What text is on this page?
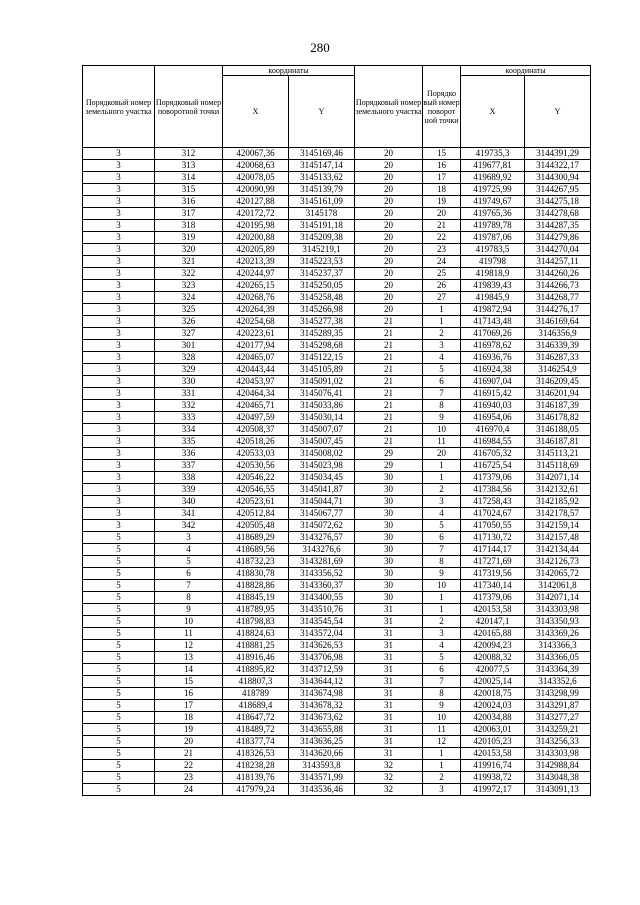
280
Порядковый номер земельного участка	Порядковый номер поворотной точки	координаты		Порядковый номер земельного участка	Порядко вый номер поворот ной точки	координаты	
		X	Y			X	Y
3	312	420067,36	3145169,46	20	15	419735,3	3144391,29
3	313	420068,63	3145147,14	20	16	419677,81	3144322,17
3	314	420078,05	3145133,62	20	17	419689,92	3144300,94
3	315	420090,99	3145139,79	20	18	419725,99	3144267,95
3	316	420127,88	3145161,09	20	19	419749,67	3144275,18
3	317	420172,72	3145178	20	20	419765,36	3144278,68
3	318	420195,98	3145191,18	20	21	419789,78	3144287,35
3	319	420200,88	3145209,38	20	22	419787,06	3144279,86
3	320	420205,89	3145219,1	20	23	419783,5	3144270,04
3	321	420213,39	3145223,53	20	24	419798	3144257,11
3	322	420244,97	3145237,37	20	25	419818,9	3144260,26
3	323	420265,15	3145250,05	20	26	419839,43	3144266,73
3	324	420268,76	3145258,48	20	27	419845,9	3144268,77
3	325	420264,39	3145266,98	20	1	419872,94	3144276,17
3	326	420254,68	3145277,38	21	1	417143,48	3146169,64
3	327	420223,61	3145289,35	21	2	417069,26	3146356,9
3	301	420177,94	3145298,68	21	3	416978,62	3146339,39
3	328	420465,07	3145122,15	21	4	416936,76	3146287,33
3	329	420443,44	3145105,89	21	5	416924,38	3146254,9
3	330	420453,97	3145091,02	21	6	416907,04	3146209,45
3	331	420464,34	3145076,41	21	7	416915,42	3146201,94
3	332	420465,71	3145033,86	21	8	416940,03	3146187,39
3	333	420497,59	3145030,14	21	9	416954,06	3146178,82
3	334	420508,37	3145007,07	21	10	416970,4	3146188,05
3	335	420518,26	3145007,45	21	11	416984,55	3146187,81
3	336	420533,03	3145008,02	29	20	416705,32	3145113,21
3	337	420530,56	3145023,98	29	1	416725,54	3145118,69
3	338	420546,22	3145034,45	30	1	417379,06	3142071,14
3	339	420546,55	3145041,87	30	2	417384,56	3142132,61
3	340	420523,61	3145044,71	30	3	417258,43	3142185,92
3	341	420512,84	3145067,77	30	4	417024,67	3142178,57
3	342	420505,48	3145072,62	30	5	417050,55	3142159,14
5	3	418689,29	3143276,57	30	6	417130,72	3142157,48
5	4	418689,56	3143276,6	30	7	417144,17	3142134,44
5	5	418732,23	3143281,69	30	8	417271,69	3142126,73
5	6	418830,78	3143356,52	30	9	417319,56	3142065,72
5	7	418828,86	3143360,37	30	10	417340,14	3142061,8
5	8	418845,19	3143400,55	30	1	417379,06	3142071,14
5	9	418789,95	3143510,76	31	1	420153,58	3143303,98
5	10	418798,83	3143545,54	31	2	420147,1	3143350,93
5	11	418824,63	3143572,04	31	3	420165,88	3143369,26
5	12	418881,25	3143626,53	31	4	420094,23	3143366,3
5	13	418916,46	3143706,98	31	5	420088,32	3143366,05
5	14	418895,82	3143712,59	31	6	420077,5	3143364,39
5	15	418807,3	3143644,12	31	7	420025,14	3143352,6
5	16	418789	3143674,98	31	8	420018,75	3143298,99
5	17	418689,4	3143678,32	31	9	420024,03	3143291,87
5	18	418647,72	3143673,62	31	10	420034,88	3143277,27
5	19	418489,72	3143655,88	31	11	420063,01	3143259,21
5	20	418377,74	3143636,25	31	12	420105,23	3143256,33
5	21	418326,53	3143620,66	31	1	420153,58	3143303,98
5	22	418238,28	3143593,8	32	1	419916,74	3142988,84
5	23	418139,76	3143571,99	32	2	419938,72	3143048,38
5	24	417979,24	3143536,46	32	3	419972,17	3143091,13
